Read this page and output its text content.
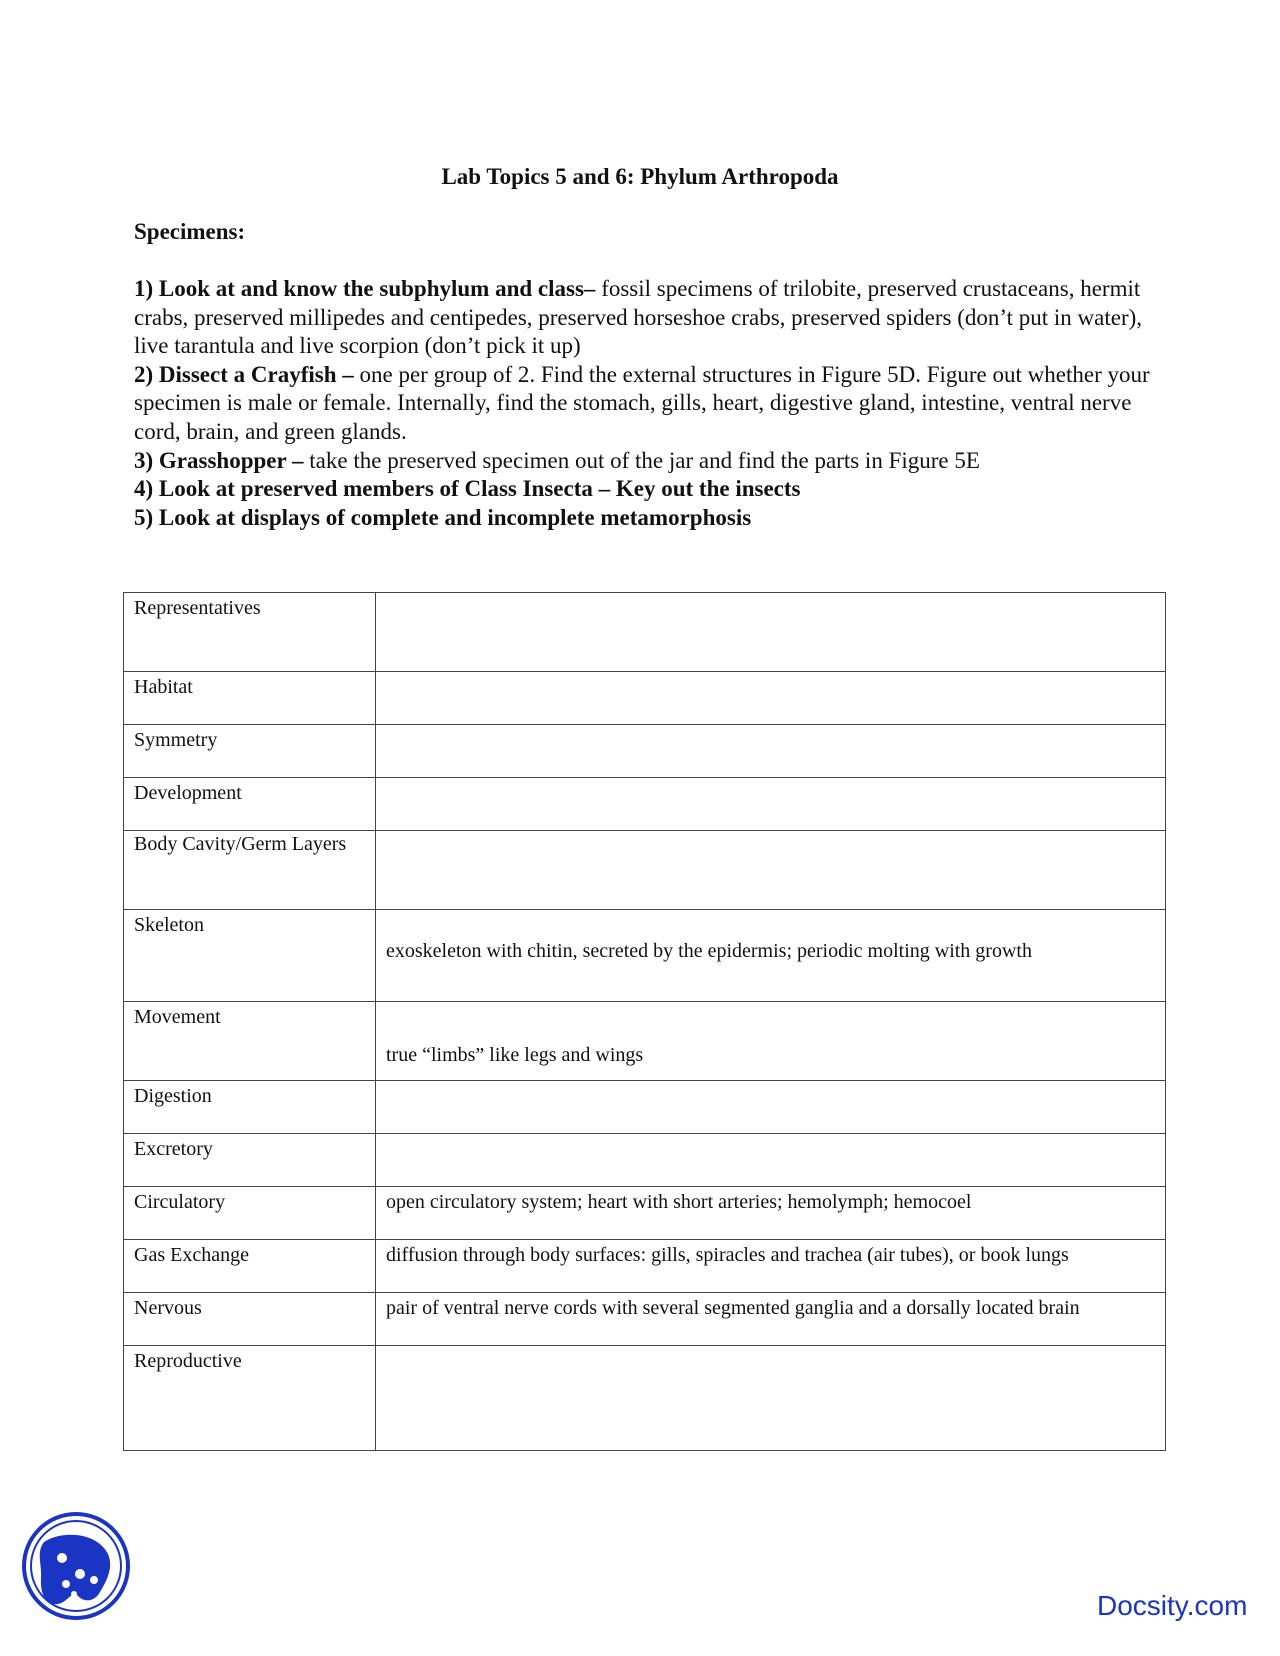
Lab Topics 5 and 6: Phylum Arthropoda
Specimens:
1) Look at and know the subphylum and class– fossil specimens of trilobite, preserved crustaceans, hermit crabs, preserved millipedes and centipedes, preserved horseshoe crabs, preserved spiders (don’t put in water), live tarantula and live scorpion (don’t pick it up)
2) Dissect a Crayfish – one per group of 2. Find the external structures in Figure 5D. Figure out whether your specimen is male or female. Internally, find the stomach, gills, heart, digestive gland, intestine, ventral nerve cord, brain, and green glands.
3) Grasshopper – take the preserved specimen out of the jar and find the parts in Figure 5E
4) Look at preserved members of Class Insecta – Key out the insects
5) Look at displays of complete and incomplete metamorphosis
Representatives	
Habitat	
Symmetry	
Development	
Body Cavity/Germ Layers	
Skeleton	exoskeleton with chitin, secreted by the epidermis; periodic molting with growth
Movement	true “limbs” like legs and wings
Digestion	
Excretory	
Circulatory	open circulatory system; heart with short arteries; hemolymph; hemocoel
Gas Exchange	diffusion through body surfaces: gills, spiracles and trachea (air tubes), or book lungs
Nervous	pair of ventral nerve cords with several segmented ganglia and a dorsally located brain
Reproductive	
Docsity.com
